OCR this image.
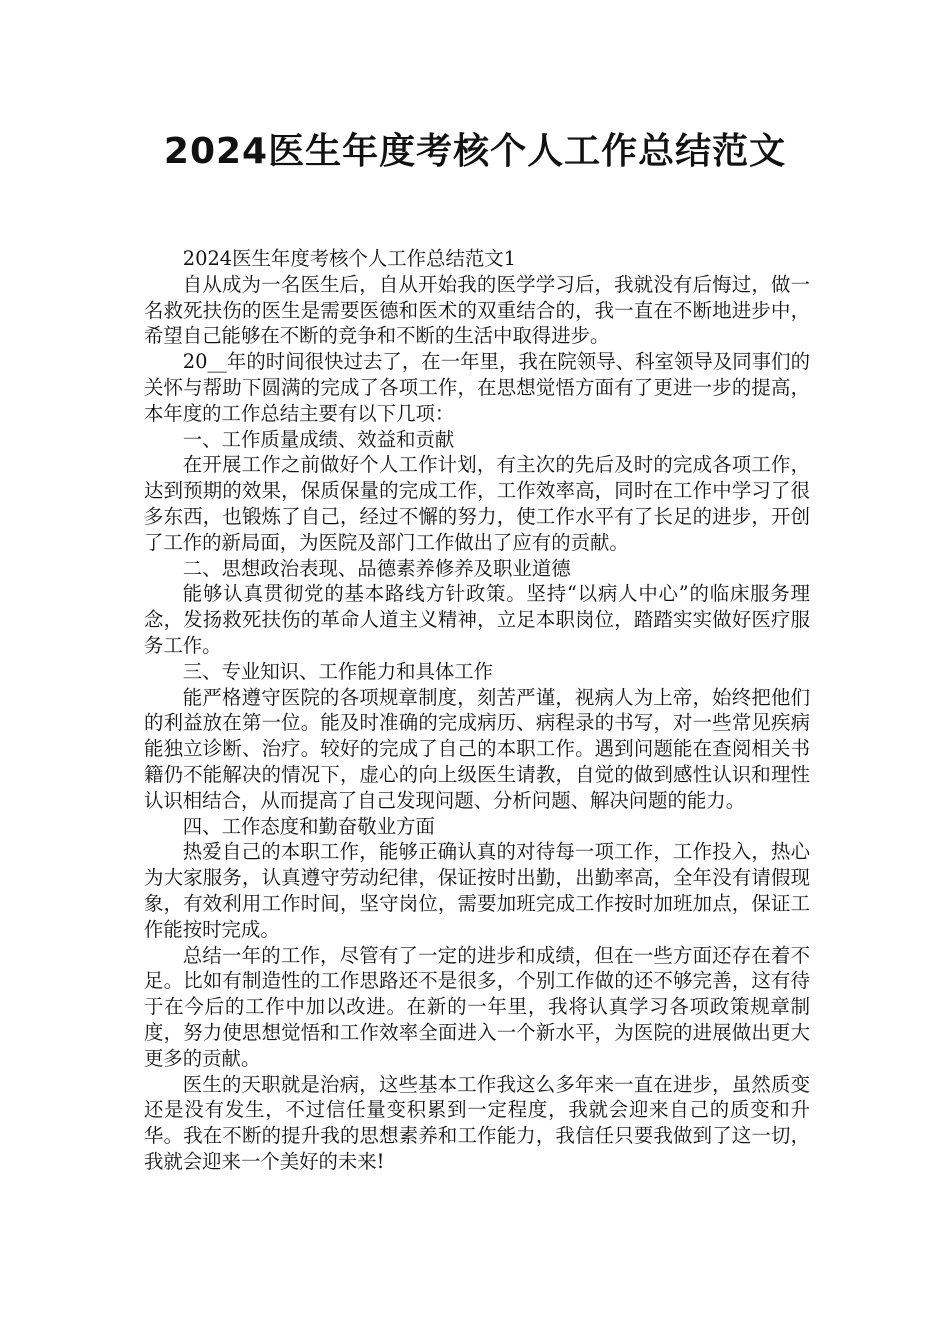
2024医生年度考核个人工作总结范文

2024医生年度考核个人工作总结范文1

自从成为一名医生后，自从开始我的医学学习后，我就没有后悔过，做一名救死扶伤的医生是需要医德和医术的双重结合的，我一直在不断地进步中，希望自己能够在不断的竞争和不断的生活中取得进步。

20__年的时间很快过去了，在一年里，我在院领导、科室领导及同事们的关怀与帮助下圆满的完成了各项工作，在思想觉悟方面有了更进一步的提高，本年度的工作总结主要有以下几项：

一、工作质量成绩、效益和贡献

在开展工作之前做好个人工作计划，有主次的先后及时的完成各项工作，达到预期的效果，保质保量的完成工作，工作效率高，同时在工作中学习了很多东西，也锻炼了自己，经过不懈的努力，使工作水平有了长足的进步，开创了工作的新局面，为医院及部门工作做出了应有的贡献。

二、思想政治表现、品德素养修养及职业道德

能够认真贯彻党的基本路线方针政策。坚持“以病人中心”的临床服务理念，发扬救死扶伤的革命人道主义精神，立足本职岗位，踏踏实实做好医疗服务工作。

三、专业知识、工作能力和具体工作

能严格遵守医院的各项规章制度，刻苦严谨，视病人为上帝，始终把他们的利益放在第一位。能及时准确的完成病历、病程录的书写，对一些常见疾病能独立诊断、治疗。较好的完成了自己的本职工作。遇到问题能在查阅相关书籍仍不能解决的情况下，虚心的向上级医生请教，自觉的做到感性认识和理性认识相结合，从而提高了自己发现问题、分析问题、解决问题的能力。

四、工作态度和勤奋敬业方面

热爱自己的本职工作，能够正确认真的对待每一项工作，工作投入，热心为大家服务，认真遵守劳动纪律，保证按时出勤，出勤率高，全年没有请假现象，有效利用工作时间，坚守岗位，需要加班完成工作按时加班加点，保证工作能按时完成。

总结一年的工作，尽管有了一定的进步和成绩，但在一些方面还存在着不足。比如有制造性的工作思路还不是很多，个别工作做的还不够完善，这有待于在今后的工作中加以改进。在新的一年里，我将认真学习各项政策规章制度，努力使思想觉悟和工作效率全面进入一个新水平，为医院的进展做出更大更多的贡献。

医生的天职就是治病，这些基本工作我这么多年来一直在进步，虽然质变还是没有发生，不过信任量变积累到一定程度，我就会迎来自己的质变和升华。我在不断的提升我的思想素养和工作能力，我信任只要我做到了这一切，我就会迎来一个美好的未来!
